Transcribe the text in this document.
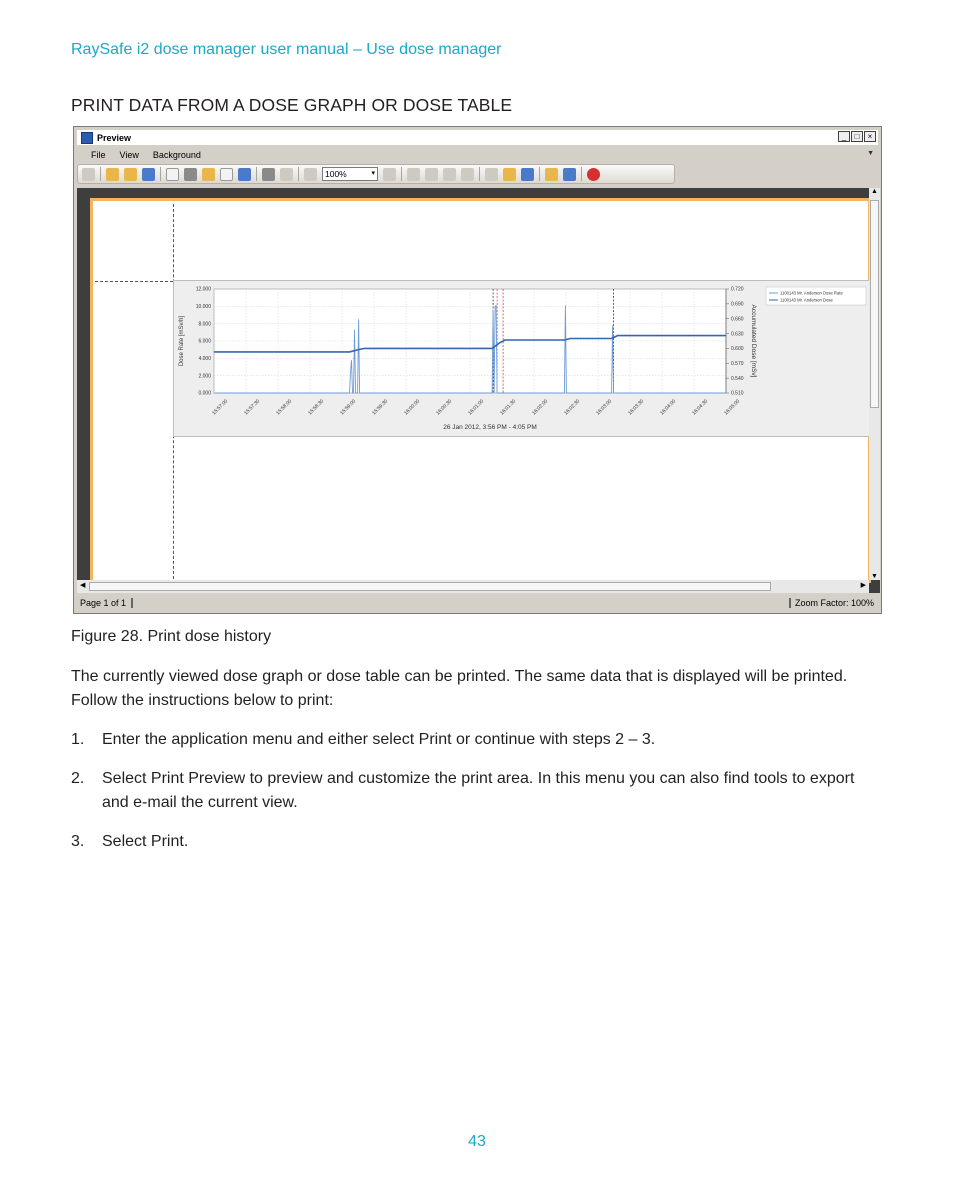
RaySafe i2 dose manager user manual – Use dose manager
PRINT DATA FROM A DOSE GRAPH OR DOSE TABLE
Preview	_	□	×
File View Background	▼
100% ▾
15:57:00	15:57:30	15:58:00	15:58:30	15:59:00	15:59:30	16:00:00	16:00:30	16:01:00	16:01:30	16:02:00	16:02:30	16:03:00	16:03:30	16:04:00	16:04:30	16:05:00
0.000
2.000
4.000
6.000
8.000
10.000
12.000
0.510
0.540
0.570
0.600
0.630
0.660
0.690
0.720
Dose Rate [mSv/h]	Accumulated Dose [mSv]
26 Jan 2012, 3:56 PM - 4:05 PM
1100143 Mr. Anderson Dose Rate
1100143 Mr. Anderson Dose
▲
▼
◀	▶
Page 1 of 1	Zoom Factor: 100%
Figure 28. Print dose history
The currently viewed dose graph or dose table can be printed. The same data that is displayed will be printed. Follow the instructions below to print:
1. Enter the application menu and either select Print or continue with steps 2 – 3.
2. Select Print Preview to preview and customize the print area. In this menu you can also find tools to export and e-mail the current view.
3. Select Print.
43
